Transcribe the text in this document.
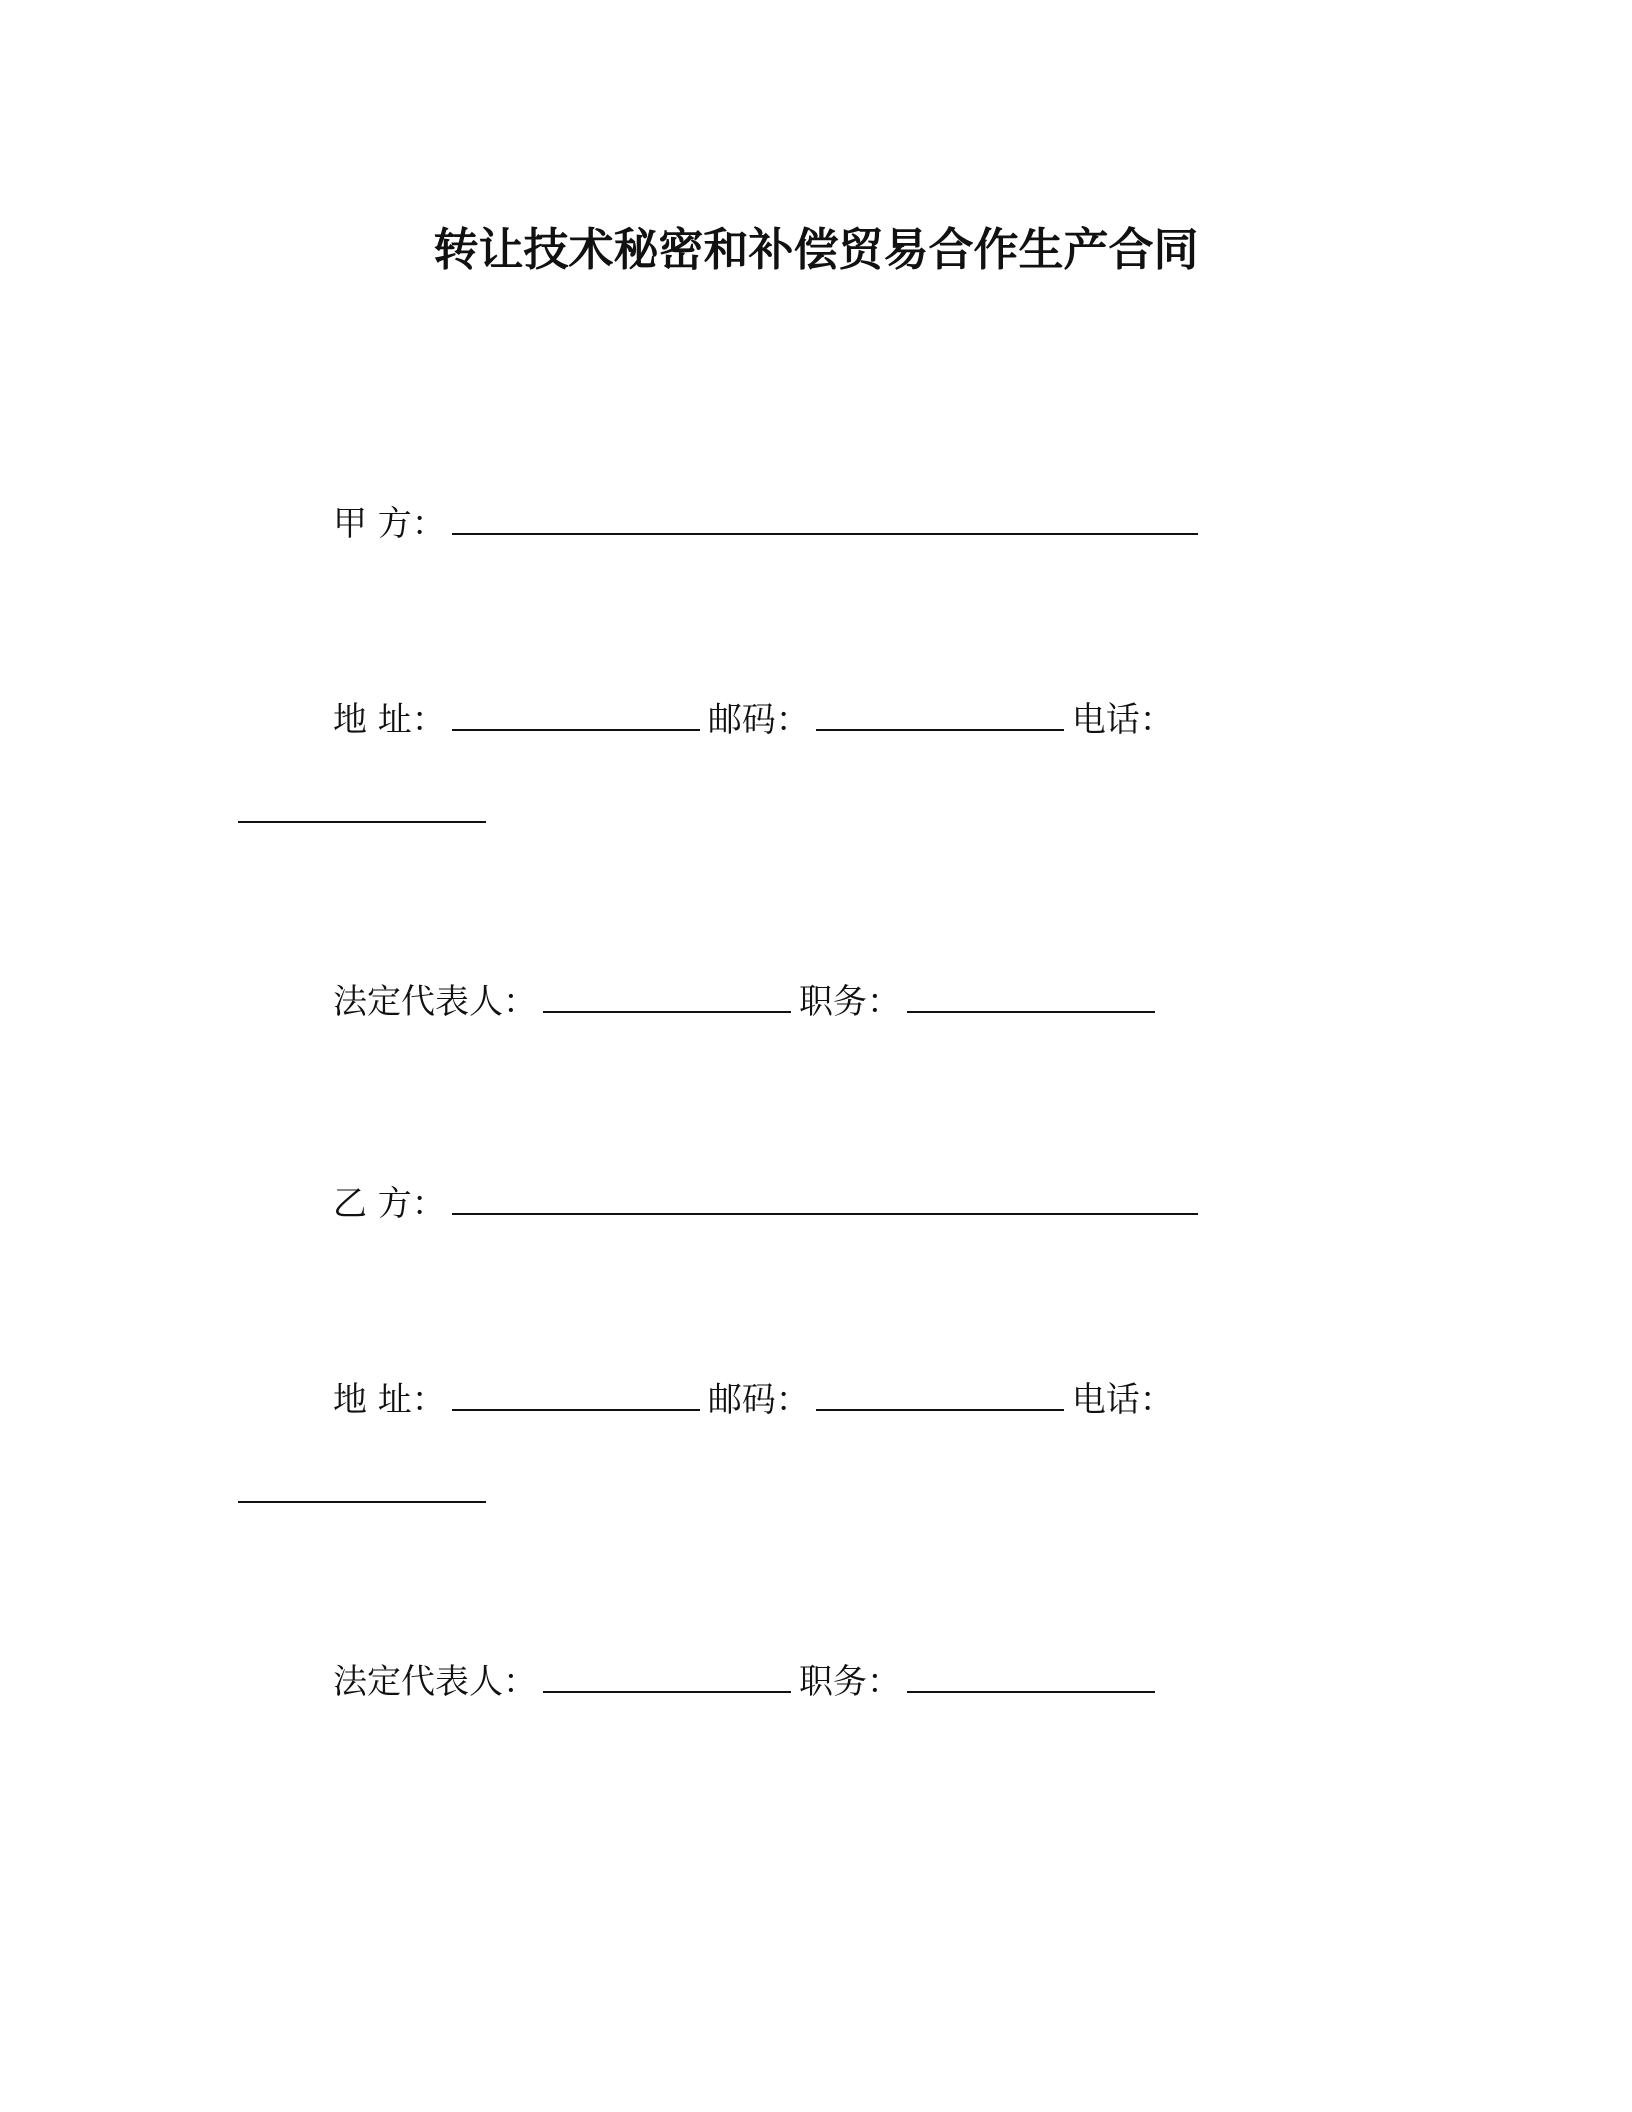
转让技术秘密和补偿贸易合作生产合同
甲 方：
地 址：	邮码：	电话：
法定代表人：	职务：
乙 方：
地 址：	邮码：	电话：
法定代表人：	职务：
